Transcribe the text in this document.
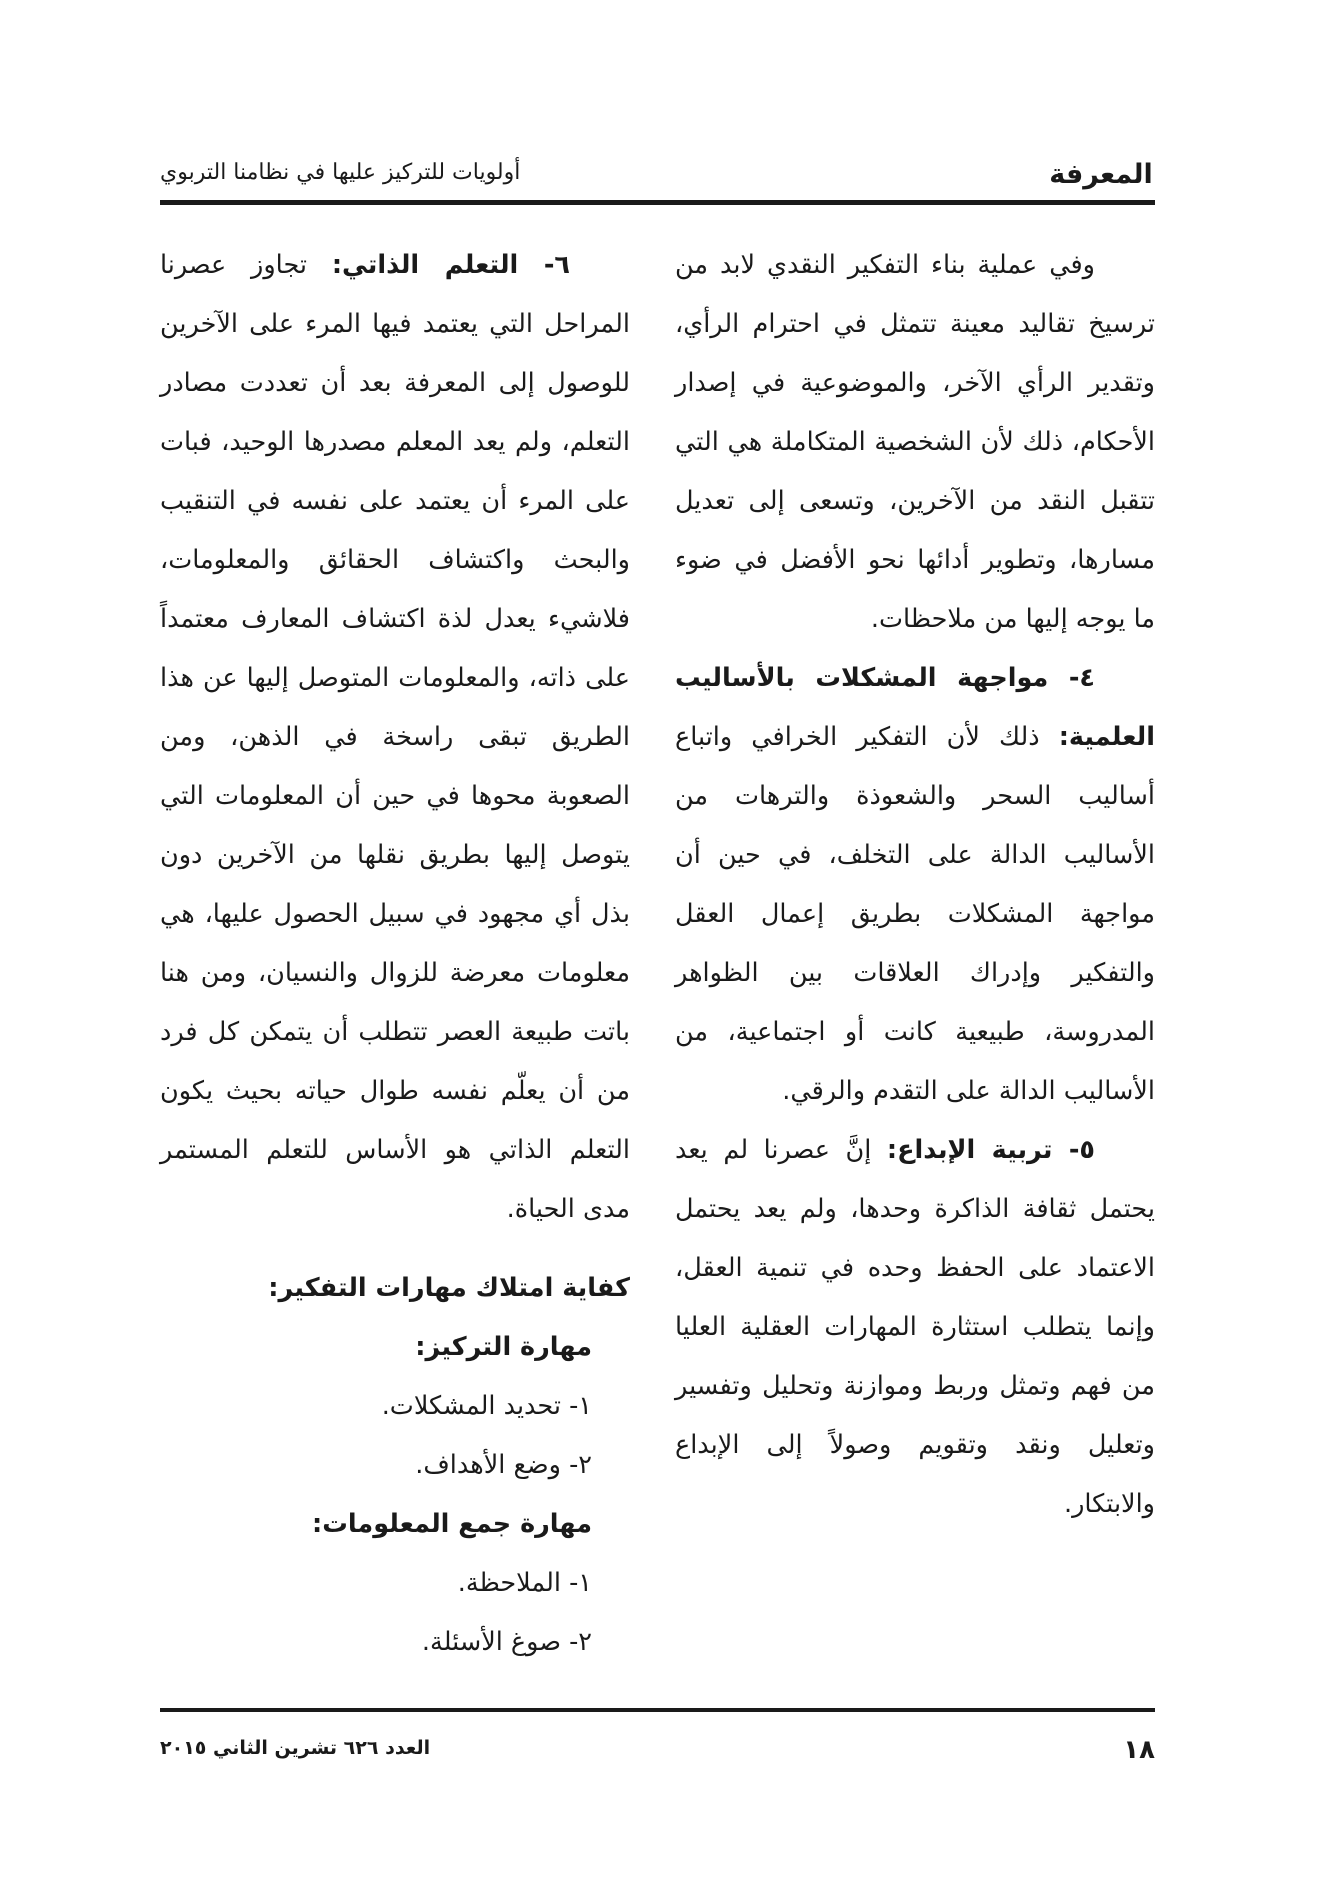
المعرفة
أولويات للتركيز عليها في نظامنا التربوي

وفي عملية بناء التفكير النقدي لابد من ترسيخ تقاليد معينة تتمثل في احترام الرأي، وتقدير الرأي الآخر، والموضوعية في إصدار الأحكام، ذلك لأن الشخصية المتكاملة هي التي تتقبل النقد من الآخرين، وتسعى إلى تعديل مسارها، وتطوير أدائها نحو الأفضل في ضوء ما يوجه إليها من ملاحظات.

٤- مواجهة المشكلات بالأساليب العلمية: ذلك لأن التفكير الخرافي واتباع أساليب السحر والشعوذة والترهات من الأساليب الدالة على التخلف، في حين أن مواجهة المشكلات بطريق إعمال العقل والتفكير وإدراك العلاقات بين الظواهر المدروسة، طبيعية كانت أو اجتماعية، من الأساليب الدالة على التقدم والرقي.

٥- تربية الإبداع: إنَّ عصرنا لم يعد يحتمل ثقافة الذاكرة وحدها، ولم يعد يحتمل الاعتماد على الحفظ وحده في تنمية العقل، وإنما يتطلب استثارة المهارات العقلية العليا من فهم وتمثل وربط وموازنة وتحليل وتفسير وتعليل ونقد وتقويم وصولاً إلى الإبداع والابتكار.

٦- التعلم الذاتي: تجاوز عصرنا المراحل التي يعتمد فيها المرء على الآخرين للوصول إلى المعرفة بعد أن تعددت مصادر التعلم، ولم يعد المعلم مصدرها الوحيد، فبات على المرء أن يعتمد على نفسه في التنقيب والبحث واكتشاف الحقائق والمعلومات، فلاشيء يعدل لذة اكتشاف المعارف معتمداً على ذاته، والمعلومات المتوصل إليها عن هذا الطريق تبقى راسخة في الذهن، ومن الصعوبة محوها في حين أن المعلومات التي يتوصل إليها بطريق نقلها من الآخرين دون بذل أي مجهود في سبيل الحصول عليها، هي معلومات معرضة للزوال والنسيان، ومن هنا باتت طبيعة العصر تتطلب أن يتمكن كل فرد من أن يعلّم نفسه طوال حياته بحيث يكون التعلم الذاتي هو الأساس للتعلم المستمر مدى الحياة.

كفاية امتلاك مهارات التفكير:

مهارة التركيز:

١- تحديد المشكلات.

٢- وضع الأهداف.

مهارة جمع المعلومات:

١- الملاحظة.

٢- صوغ الأسئلة.

١٨
العدد ٦٢٦ تشرين الثاني ٢٠١٥
